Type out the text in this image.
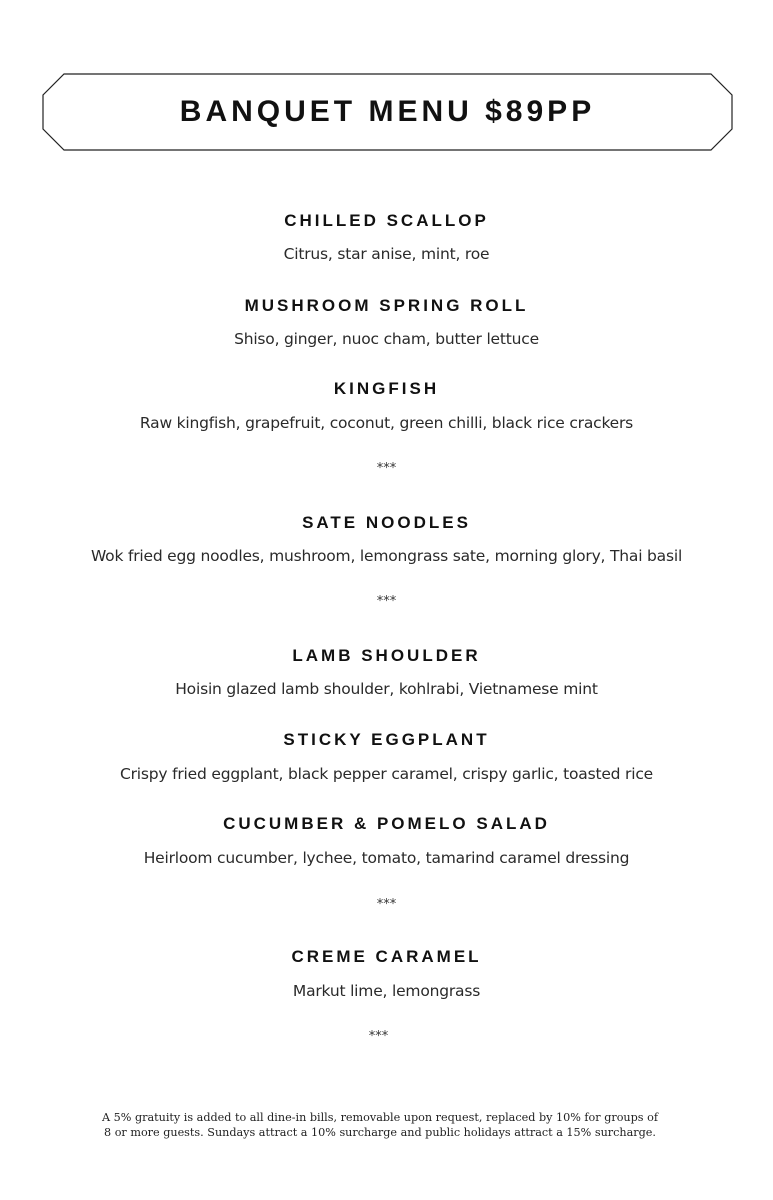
BANQUET MENU $89PP

CHILLED SCALLOP

Citrus, star anise, mint, roe

MUSHROOM SPRING ROLL

Shiso, ginger, nuoc cham, butter lettuce

KINGFISH

Raw kingfish, grapefruit, coconut, green chilli, black rice crackers

***

SATE NOODLES

Wok fried egg noodles, mushroom, lemongrass sate, morning glory, Thai basil

***

LAMB SHOULDER

Hoisin glazed lamb shoulder, kohlrabi, Vietnamese mint

STICKY EGGPLANT

Crispy fried eggplant, black pepper caramel, crispy garlic, toasted rice

CUCUMBER & POMELO SALAD

Heirloom cucumber, lychee, tomato, tamarind caramel dressing

***

CREME CARAMEL

Markut lime, lemongrass

***

A 5% gratuity is added to all dine-in bills, removable upon request, replaced by 10% for groups of
8 or more guests. Sundays attract a 10% surcharge and public holidays attract a 15% surcharge.
